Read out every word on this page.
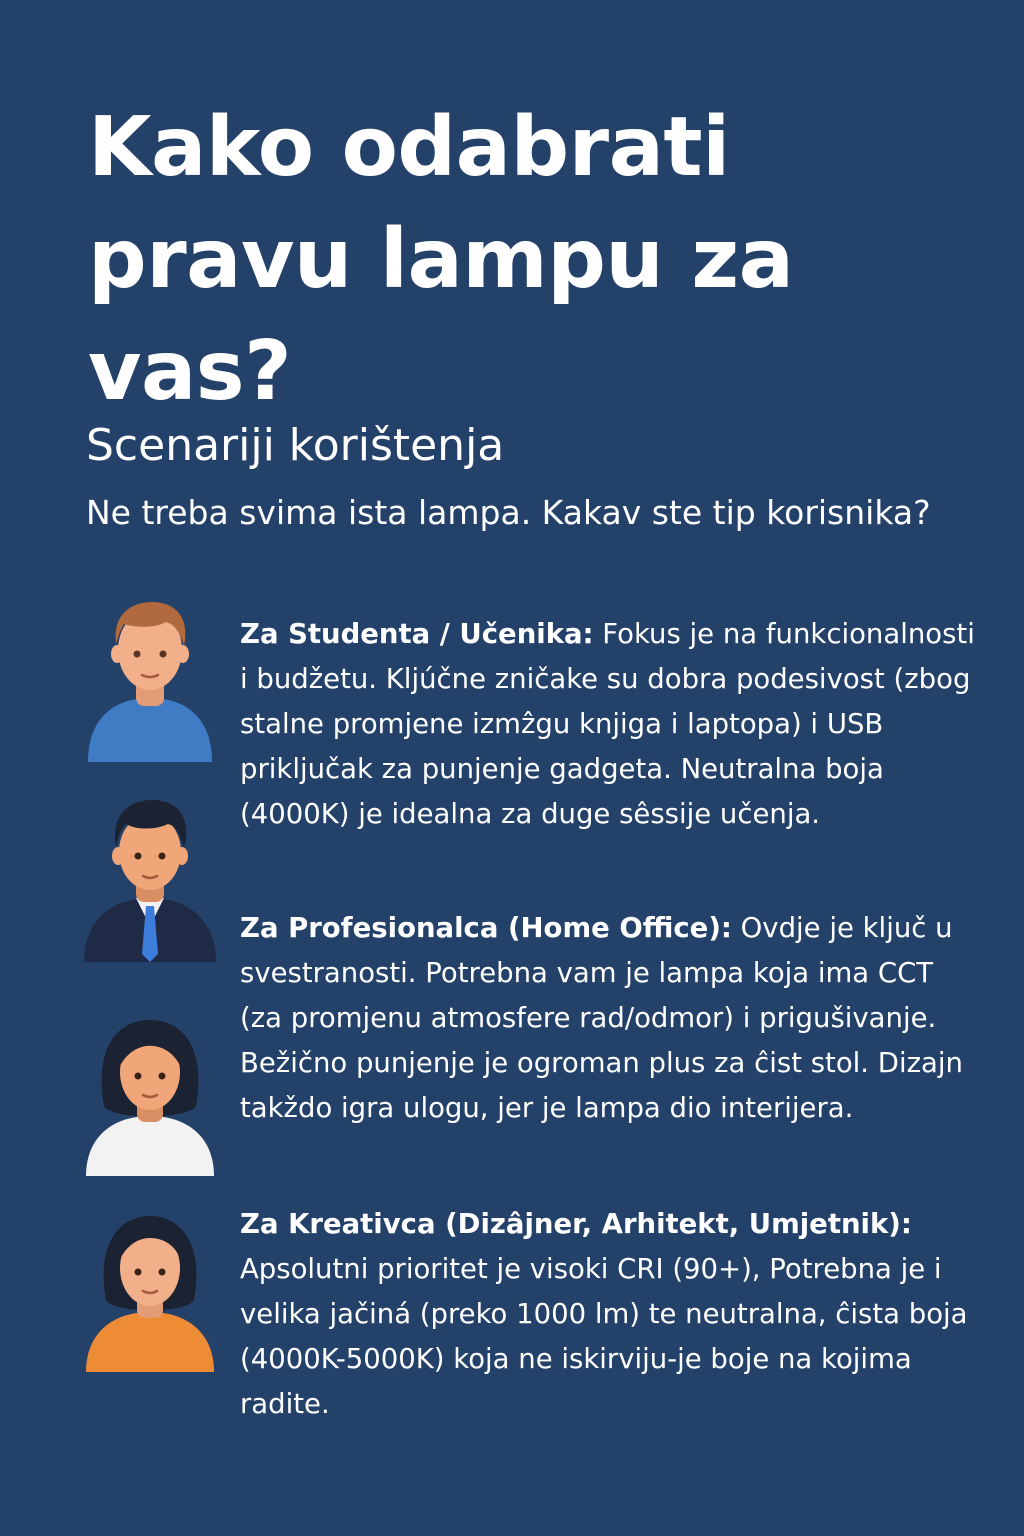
Kako odabrati pravu lampu za vas?
Scenariji korištenja

Ne treba svima ista lampa. Kakav ste tip korisnika?

Za Studenta / Učenika: Fokus je na funkcionalnosti i budžetu. Kljúčne zničake su dobra podesivost (zbog stalne promjene izmẑgu knjiga i laptopa) i USB priključak za punjenje gadgeta. Neutralna boja (4000K) je idealna za duge sêssije učenja.

Za Profesionalca (Home Office): Ovdje je ključ u svestranosti. Potrebna vam je lampa koja ima CCT (za promjenu atmosfere rad/odmor) i prigušivanje. Bežično punjenje je ogroman plus za ĉist stol. Dizajn takždo igra ulogu, jer je lampa dio interijera.

Za Kreativca (Dizâjner, Arhitekt, Umjetnik): Apsolutni prioritet je visoki CRI (90+), Potrebna je i velika jačiná (preko 1000 lm) te neutralna, ĉista boja (4000K-5000K) koja ne iskirviju-je boje na kojima radite.
